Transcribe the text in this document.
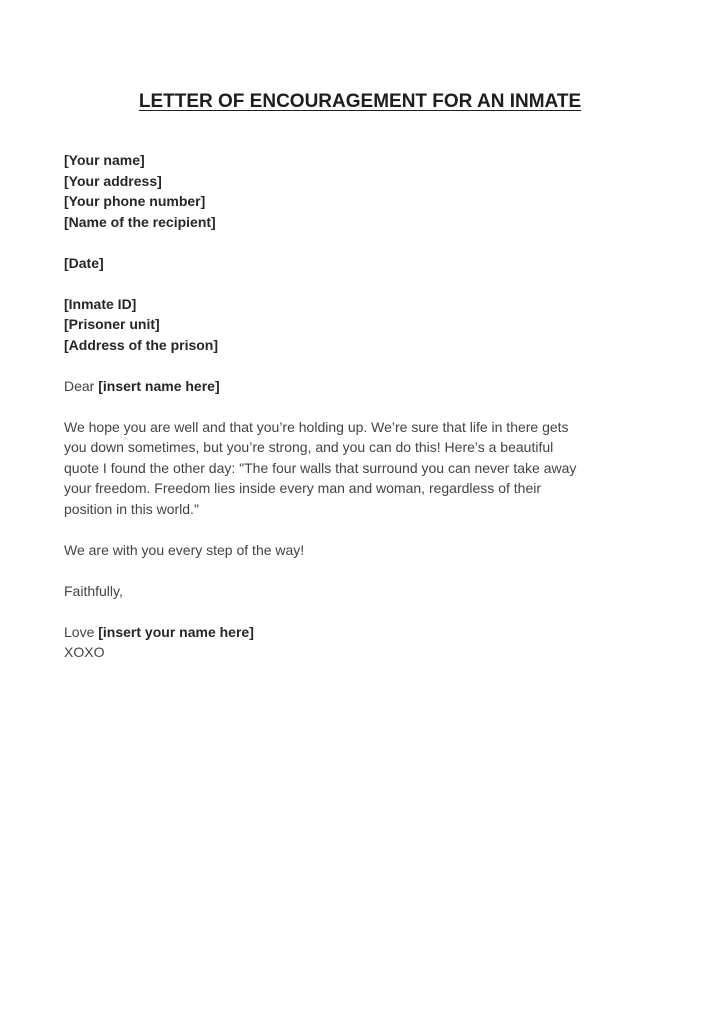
LETTER OF ENCOURAGEMENT FOR AN INMATE
[Your name]
[Your address]
[Your phone number]
[Name of the recipient]
[Date]
[Inmate ID]
[Prisoner unit]
[Address of the prison]

Dear [insert name here]

We hope you are well and that you’re holding up. We’re sure that life in there gets
you down sometimes, but you’re strong, and you can do this! Here’s a beautiful
quote I found the other day: "The four walls that surround you can never take away
your freedom. Freedom lies inside every man and woman, regardless of their
position in this world."

We are with you every step of the way!

Faithfully,

Love [insert your name here]

XOXO
